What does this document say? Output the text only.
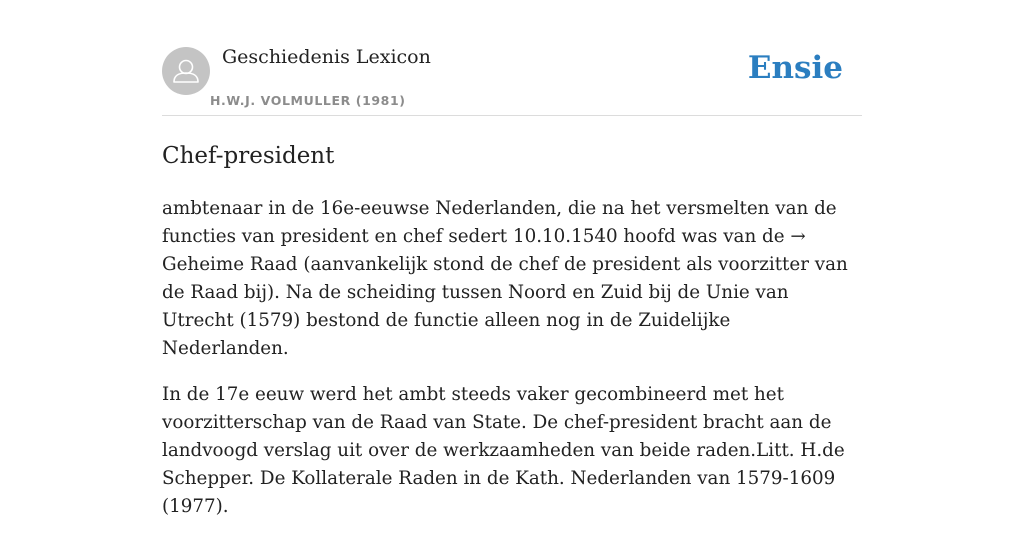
Geschiedenis Lexicon
H.W.J. VOLMULLER (1981)
Ensie
Chef-president

ambtenaar in de 16e-eeuwse Nederlanden, die na het versmelten van de functies van president en chef sedert 10.10.1540 hoofd was van de → Geheime Raad (aanvankelijk stond de chef de president als voorzitter van de Raad bij). Na de scheiding tussen Noord en Zuid bij de Unie van Utrecht (1579) bestond de functie alleen nog in de Zuidelijke Nederlanden.

In de 17e eeuw werd het ambt steeds vaker gecombineerd met het voorzitterschap van de Raad van State. De chef-president bracht aan de landvoogd verslag uit over de werkzaamheden van beide raden.Litt. H.de Schepper. De Kollaterale Raden in de Kath. Nederlanden van 1579-1609 (1977).
